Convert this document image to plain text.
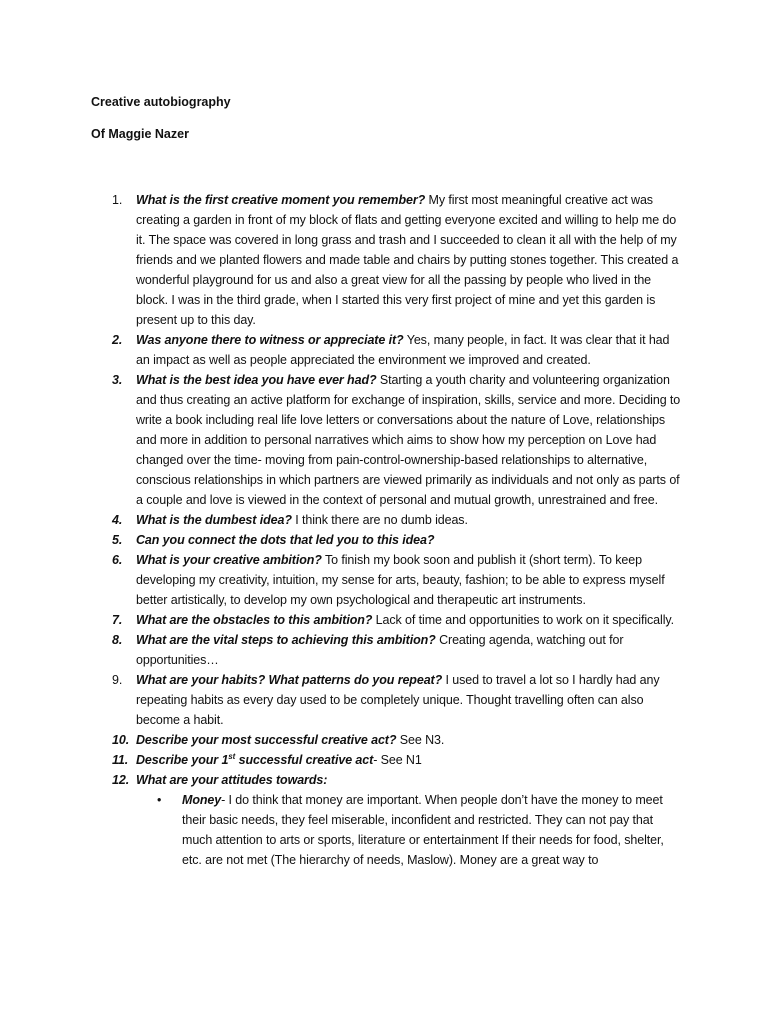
Creative autobiography
Of Maggie Nazer
1. What is the first creative moment you remember? My first most meaningful creative act was creating a garden in front of my block of flats and getting everyone excited and willing to help me do it. The space was covered in long grass and trash and I succeeded to clean it all with the help of my friends and we planted flowers and made table and chairs by putting stones together. This created a wonderful playground for us and also a great view for all the passing by people who lived in the block. I was in the third grade, when I started this very first project of mine and yet this garden is present up to this day.
2. Was anyone there to witness or appreciate it? Yes, many people, in fact. It was clear that it had an impact as well as people appreciated the environment we improved and created.
3. What is the best idea you have ever had? Starting a youth charity and volunteering organization and thus creating an active platform for exchange of inspiration, skills, service and more. Deciding to write a book including real life love letters or conversations about the nature of Love, relationships and more in addition to personal narratives which aims to show how my perception on Love had changed over the time- moving from pain-control-ownership-based relationships to alternative, conscious relationships in which partners are viewed primarily as individuals and not only as parts of a couple and love is viewed in the context of personal and mutual growth, unrestrained and free.
4. What is the dumbest idea? I think there are no dumb ideas.
5. Can you connect the dots that led you to this idea?
6. What is your creative ambition? To finish my book soon and publish it (short term). To keep developing my creativity, intuition, my sense for arts, beauty, fashion; to be able to express myself better artistically, to develop my own psychological and therapeutic art instruments.
7. What are the obstacles to this ambition? Lack of time and opportunities to work on it specifically.
8. What are the vital steps to achieving this ambition? Creating agenda, watching out for opportunities…
9. What are your habits? What patterns do you repeat? I used to travel a lot so I hardly had any repeating habits as every day used to be completely unique. Thought travelling often can also become a habit.
10. Describe your most successful creative act? See N3.
11. Describe your 1st successful creative act- See N1
12. What are your attitudes towards:
• Money- I do think that money are important. When people don’t have the money to meet their basic needs, they feel miserable, inconfident and restricted. They can not pay that much attention to arts or sports, literature or entertainment If their needs for food, shelter, etc. are not met (The hierarchy of needs, Maslow). Money are a great way to
